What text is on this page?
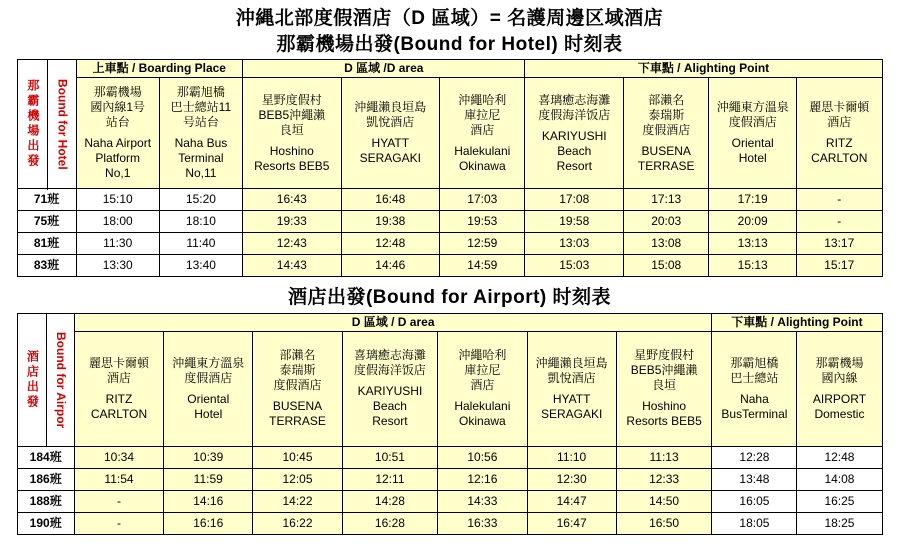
沖縄北部度假酒店（D 區域）= 名護周邊区域酒店
那霸機場出發(Bound for Hotel) 时刻表
那霸機場出發	Bound for Hotel	上車點 / Boarding Place		D 區域 /D area			下車點 / Alighting Point			

那霸機場
國內線1号
站台
Naha Airport
Platform
No,1

那霸旭橋
巴士總站11
号站台
Naha Bus
Terminal
No,11

星野度假村
BEB5沖繩瀨
良垣
Hoshino
Resorts BEB5

沖繩瀨良垣島
凱悅酒店
HYATT
SERAGAKI

沖繩哈利
庫拉尼
酒店
Halekulani
Okinawa

喜璃癒志海灘
度假海洋饭店
KARIYUSHI
Beach
Resort

部瀨名
泰瑞斯
度假酒店
BUSENA
TERRASE

沖繩東方溫泉
度假酒店
Oriental
Hotel

麗思卡爾頓
酒店
RITZ
CARLTON

71班		15:10	15:20	16:43	16:48	17:03	17:08	17:13	17:19	-
75班		18:00	18:10	19:33	19:38	19:53	19:58	20:03	20:09	-
81班		11:30	11:40	12:43	12:48	12:59	13:03	13:08	13:13	13:17
83班		13:30	13:40	14:43	14:46	14:59	15:03	15:08	15:13	15:17
酒店出發(Bound for Airport) 时刻表
酒店出發	Bound for Airpor	D 區域 / D area							下車點 / Alighting Point	

		麗思卡爾頓
酒店
RITZ
CARLTON	沖繩東方溫泉
度假酒店
Oriental
Hotel	部瀨名
泰瑞斯
度假酒店
BUSENA
TERRASE	喜璃癒志海灘
度假海洋饭店
KARIYUSHI
Beach
Resort	沖繩哈利
庫拉尼
酒店
Halekulani
Okinawa	沖繩瀨良垣島
凱悅酒店
HYATT
SERAGAKI	星野度假村
BEB5沖繩瀨
良垣
Hoshino
Resorts BEB5	那霸旭橋
巴士總站
Naha
BusTerminal	那霸機場
國內線
AIRPORT
Domestic

184班		10:34	10:39	10:45	10:51	10:56	11:10	11:13	12:28	12:48
186班		11:54	11:59	12:05	12:11	12:16	12:30	12:33	13:48	14:08
188班		-	14:16	14:22	14:28	14:33	14:47	14:50	16:05	16:25
190班		-	16:16	16:22	16:28	16:33	16:47	16:50	18:05	18:25
